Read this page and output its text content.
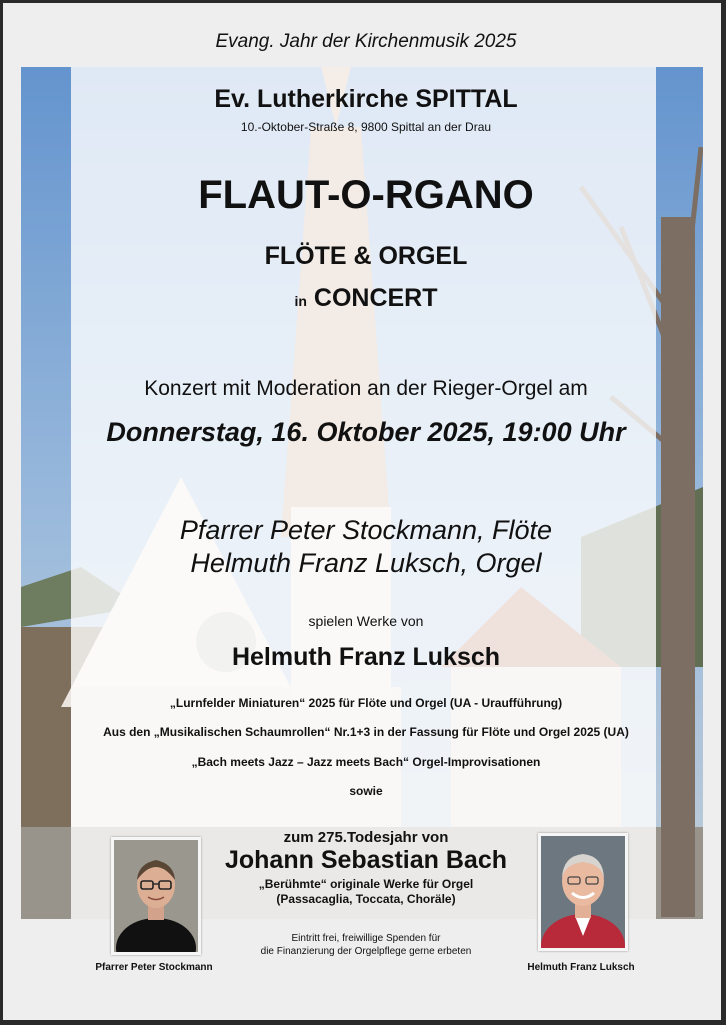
Evang. Jahr der Kirchenmusik 2025

Ev. Lutherkirche SPITTAL

10.-Oktober-Straße 8, 9800 Spittal an der Drau

FLAUT-O-RGANO

FLÖTE & ORGEL

in CONCERT

Konzert mit Moderation an der Rieger-Orgel am

Donnerstag, 16. Oktober 2025, 19:00 Uhr

Pfarrer Peter Stockmann, Flöte

Helmuth Franz Luksch, Orgel

spielen Werke von

Helmuth Franz Luksch

„Lurnfelder Miniaturen“ 2025 für Flöte und Orgel (UA - Uraufführung)

Aus den „Musikalischen Schaumrollen“ Nr.1+3 in der Fassung für Flöte und Orgel 2025 (UA)

„Bach meets Jazz – Jazz meets Bach“ Orgel-Improvisationen

sowie

zum 275.Todesjahr von

Johann Sebastian Bach

„Berühmte“ originale Werke für Orgel

(Passacaglia, Toccata, Choräle)

Eintritt frei, freiwillige Spenden für

die Finanzierung der Orgelpflege gerne erbeten

Pfarrer Peter Stockmann	Helmuth Franz Luksch
